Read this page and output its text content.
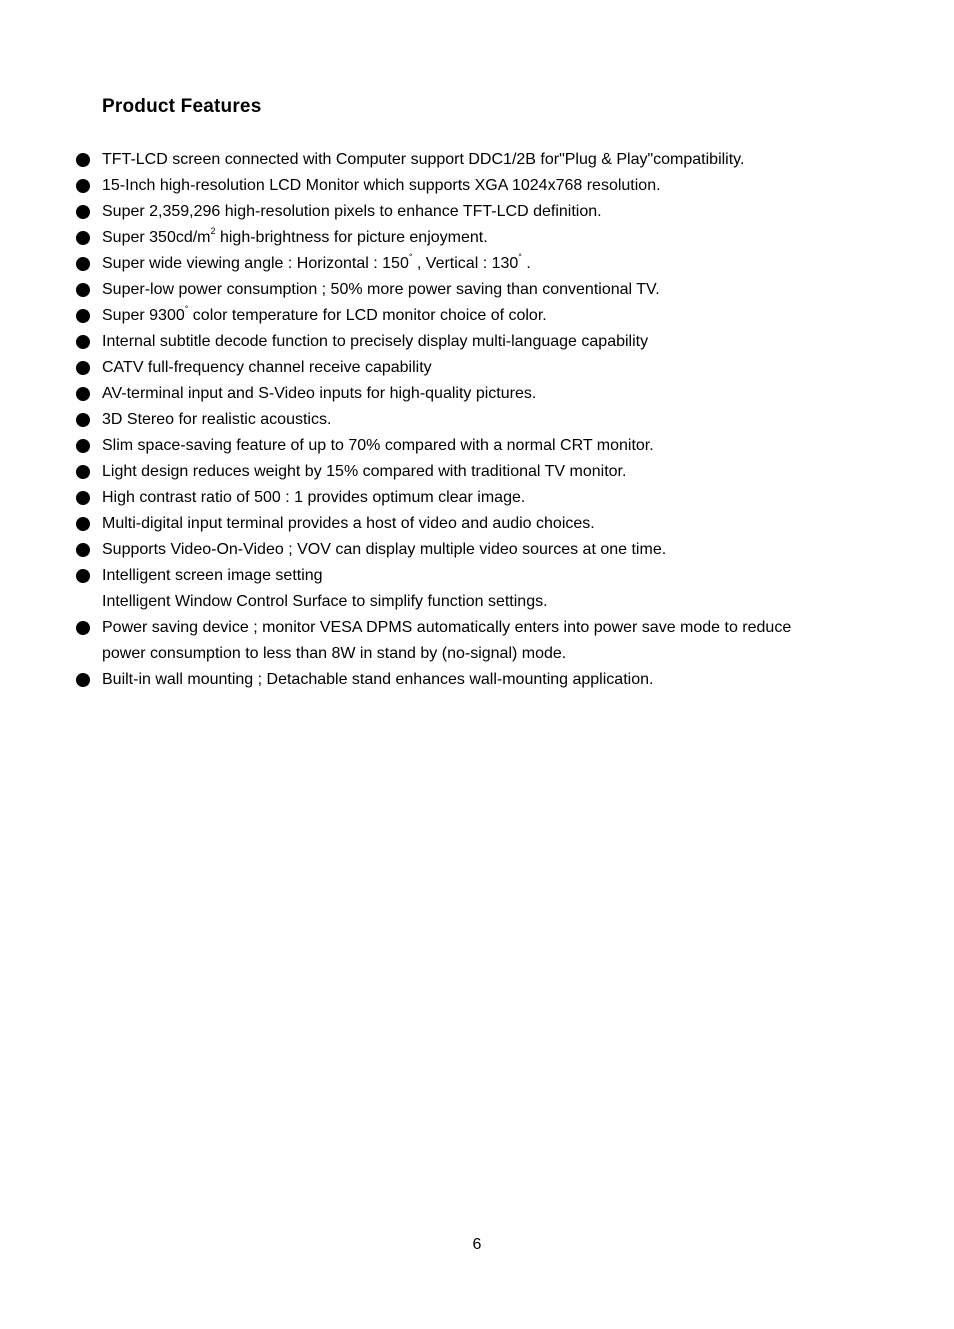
Product Features
TFT-LCD screen connected with Computer support DDC1/2B for"Plug & Play"compatibility.
15-Inch high-resolution LCD Monitor which supports XGA 1024x768 resolution.
Super 2,359,296 high-resolution pixels to enhance TFT-LCD definition.
Super $350cd/m^2$ high-brightness for picture enjoyment.
Super wide viewing angle : Horizontal : 150° , Vertical : 130° .
Super-low power consumption ; 50% more power saving than conventional TV.
Super 9300° color temperature for LCD monitor choice of color.
Internal subtitle decode function to precisely display multi-language capability
CATV full-frequency channel receive capability
AV-terminal input and S-Video inputs for high-quality pictures.
3D Stereo for realistic acoustics.
Slim space-saving feature of up to 70% compared with a normal CRT monitor.
Light design reduces weight by 15% compared with traditional TV monitor.
High contrast ratio of 500 : 1 provides optimum clear image.
Multi-digital input terminal provides a host of video and audio choices.
Supports Video-On-Video ; VOV can display multiple video sources at one time.
Intelligent screen image setting
Intelligent Window Control Surface to simplify function settings.
Power saving device ; monitor VESA DPMS automatically enters into power save mode to reduce
power consumption to less than 8W in stand by (no-signal) mode.
Built-in wall mounting ; Detachable stand enhances wall-mounting application.
6
